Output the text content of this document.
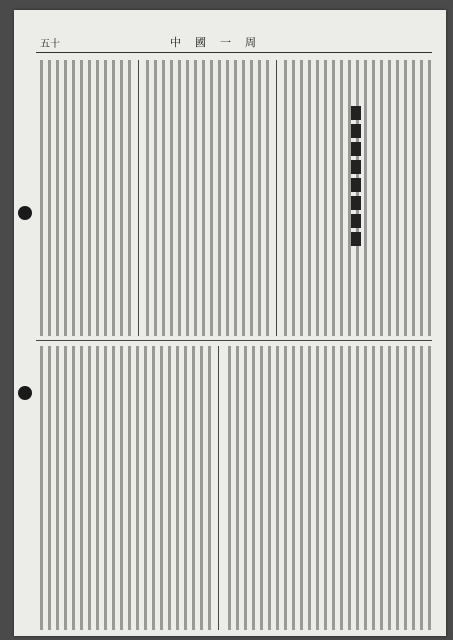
五十	中國一周
